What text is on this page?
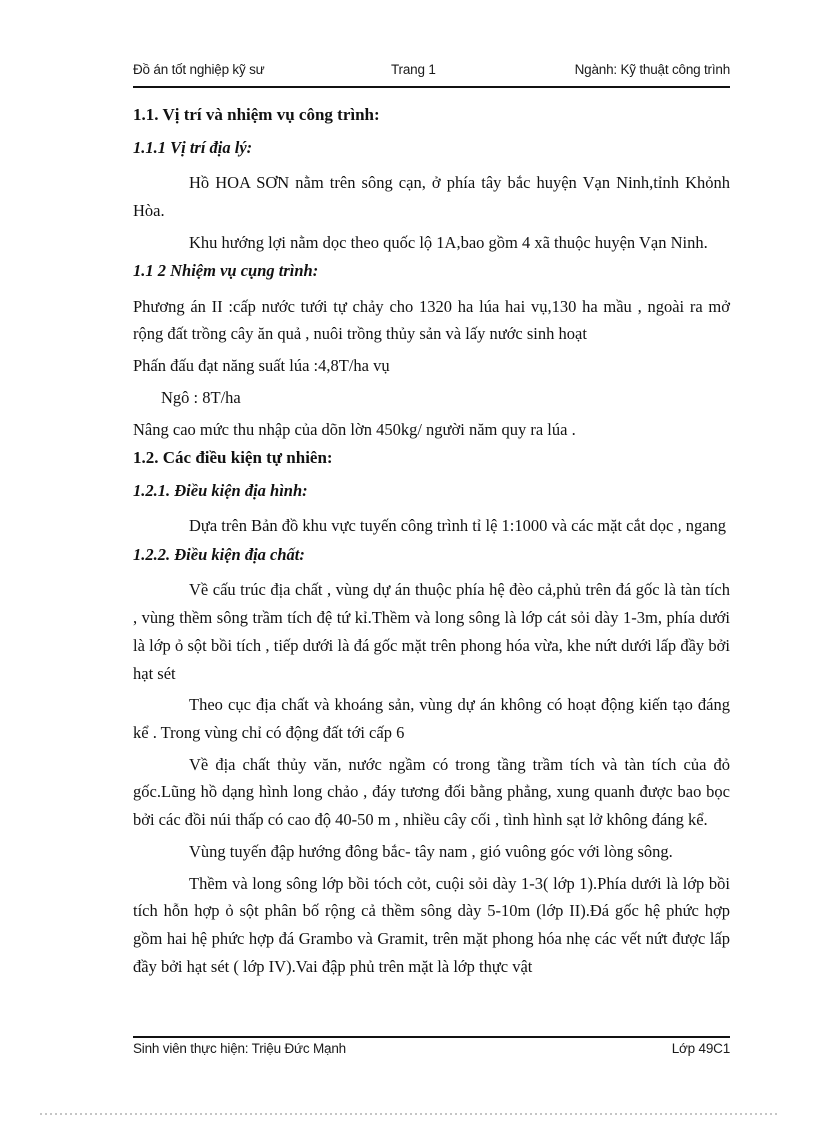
Đồ án tốt nghiệp kỹ sư	Trang 1	Ngành: Kỹ thuật công trình
1.1. Vị trí và nhiệm vụ công trình:
1.1.1 Vị trí địa lý:

Hồ HOA SƠN nằm trên sông cạn, ở phía tây bắc huyện Vạn Ninh,tỉnh Khỏnh Hòa.

Khu hướng lợi nằm dọc theo quốc lộ 1A,bao gồm 4 xã thuộc huyện Vạn Ninh.

1.1 2 Nhiệm vụ cụng trình:

Phương án II :cấp nước tưới tự chảy cho 1320 ha lúa hai vụ,130 ha mầu , ngoài ra mở rộng đất trồng cây ăn quả , nuôi trồng thủy sản và lấy nước sinh hoạt

Phấn đấu đạt năng suất lúa :4,8T/ha vụ

Ngô : 8T/ha

Nâng cao mức thu nhập của dõn lờn 450kg/ người năm quy ra lúa .

1.2. Các điều kiện tự nhiên:
1.2.1. Điều kiện địa hình:

Dựa trên Bản đồ khu vực tuyến công trình tỉ lệ 1:1000 và các mặt cắt dọc , ngang

1.2.2. Điều kiện địa chất:

Về cấu trúc địa chất , vùng dự án thuộc phía hệ đèo cả,phủ trên đá gốc là tàn tích , vùng thềm sông trầm tích đệ tứ kỉ.Thềm và long sông là lớp cát sỏi dày 1-3m, phía dưới là lớp ỏ sột bồi tích , tiếp dưới là đá gốc mặt trên phong hóa vừa, khe nứt dưới lấp đầy bởi hạt sét

Theo cục địa chất và khoáng sản, vùng dự án không có hoạt động kiến tạo đáng kể . Trong vùng chỉ có động đất tới cấp 6

Về địa chất thủy văn, nước ngầm có trong tầng trầm tích và tàn tích của đỏ gốc.Lũng hồ dạng hình long chảo , đáy tương đối bằng phẳng, xung quanh được bao bọc bởi các đồi núi thấp có cao độ 40-50 m , nhiều cây cối , tình hình sạt lở không đáng kể.

Vùng tuyến đập hướng đông bắc- tây nam , gió vuông góc với lòng sông.

Thềm và long sông lớp bồi tóch cỏt, cuội sỏi dày 1-3( lớp 1).Phía dưới là lớp bồi tích hỗn hợp ỏ sột phân bố rộng cả thềm sông dày 5-10m (lớp II).Đá gốc hệ phức hợp gồm hai hệ phức hợp đá Grambo và Gramit, trên mặt phong hóa nhẹ các vết nứt được lấp đầy bởi hạt sét ( lớp IV).Vai đập phủ trên mặt là lớp thực vật

Sinh viên thực hiện: Triệu Đức Mạnh	Lớp 49C1
